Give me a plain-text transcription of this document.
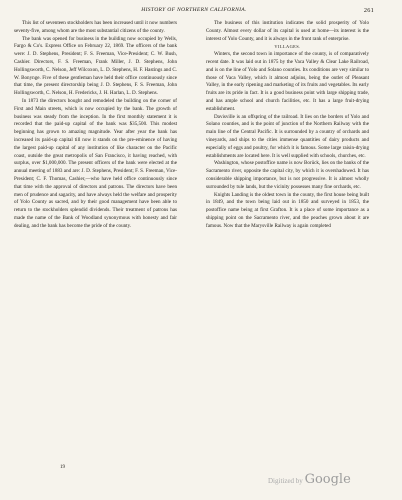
HISTORY OF NORTHERN CALIFORNIA.	261

This list of seventeen stockholders has been increased until it now numbers seventy-five, among whom are the most substantial citizens of the county.

The bank was opened for business in the building now occupied by Wells, Fargo & Co's. Express Office on February 22, 1869. The officers of the bank were: J. D. Stephens, President; F. S. Freeman, Vice-President; C. W. Bush, Cashier. Directors, F. S. Freeman, Frank Miller, J. D. Stephens, John Hollingsworth, C. Nelson, Jeff Wilcoxon, L. D. Stephens, H. F. Hastings and C. W. Bonynge. Five of these gentleman have held their office continuously since that time, the present directorship being J. D. Stephens, F. S. Freeman, John Hollingsworth, C. Nelson, H. Fredericks, J. H. Harlan, L. D. Stephens.

In 1873 the directors bought and remodeled the building on the corner of First and Main streets, which is now occupied by the bank. The growth of business was steady from the inception. In the first monthly statement it is recorded that the paid-up capital of the bank was $35,500. This modest beginning has grown to amazing magnitude. Year after year the bank has increased its paid-up capital till now it stands on the pre-eminence of having the largest paid-up capital of any institution of like character on the Pacific coast, outside the great metropolis of San Francisco, it having reached, with surplus, over $1,000,000. The present officers of the bank were elected at the annual meeting of 1883 and are: J. D. Stephens, President; F. S. Freeman, Vice-President; C. F. Thomas, Cashier,—who have held office continuously since that time with the approval of directors and patrons. The directors have been men of prudence and sagacity, and have always held the welfare and prosperity of Yolo County as sacred, and by their good management have been able to return to the stockholders splendid dividends. Their treatment of patrons has made the name of the Bank of Woodland synonymous with honesty and fair dealing, and the bank has become the pride of the county.

19

The business of this institution indicates the solid prosperity of Yolo County. Almost every dollar of its capital is used at home—its interest is the interest of Yolo County, and it is always in the front rank of enterprise.

VILLAGES.

Winters, the second town in importance of the county, is of comparatively recent date. It was laid out in 1875 by the Vaca Valley & Clear Lake Railroad, and is on the line of Yolo and Solano counties. Its conditions are very similar to those of Vaca Valley, which it almost adjoins, being the outlet of Pleasant Valley, in the early ripening and marketing of its fruits and vegetables. Its early fruits are its pride in fact. It is a good business point with large shipping trade, and has ample school and church facilities, etc. It has a large fruit-drying establishment.

Davisville is an offspring of the railroad. It lies on the borders of Yolo and Solano counties, and is the point of junction of the Northern Railway with the main line of the Central Pacific. It is surrounded by a country of orchards and vineyards, and ships to the cities immense quantities of dairy products and especially of eggs and poultry, for which it is famous. Some large raisin-drying establishments are located here. It is well supplied with schools, churches, etc.

Washington, whose postoffice name is now Borück, lies on the banks of the Sacramento river, opposite the capital city, by which it is overshadowed. It has considerable shipping importance, but is not progressive. It is almost wholly surrounded by tule lands, but the vicinity possesses many fine orchards, etc.

Knights Landing is the oldest town in the county, the first house being built in 1849, and the town being laid out in 1850 and surveyed in 1853, the postoffice name being at first Grafton. It is a place of some importance as a shipping point on the Sacramento river, and the peaches grown about it are famous. Now that the Marysville Railway is again completed

Digitized by Google
